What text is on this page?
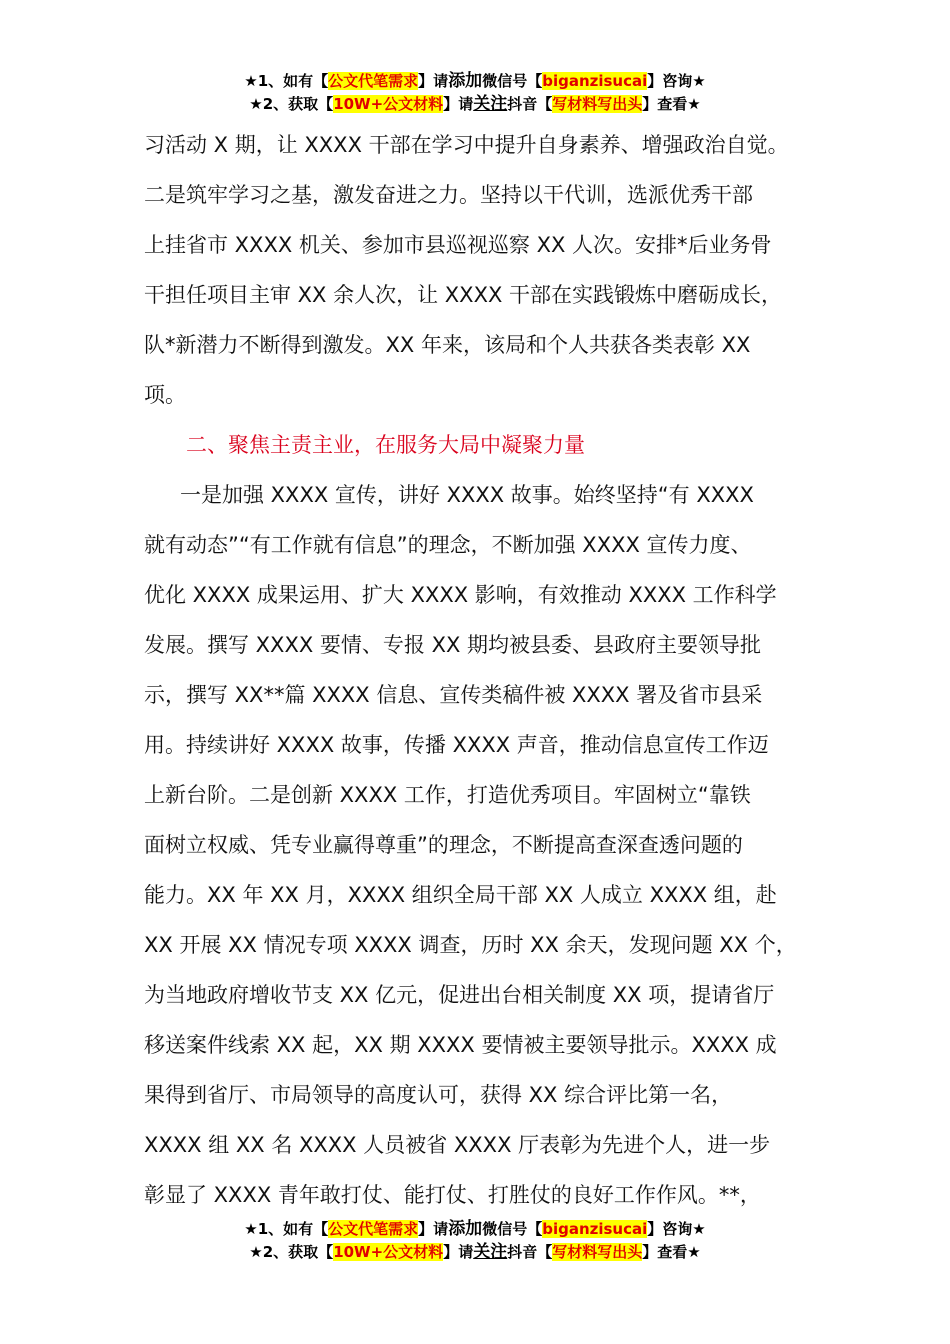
★1、如有【公文代笔需求】请添加微信号【biganzisucai】咨询★
★2、获取【10W+公文材料】请关注抖音【写材料写出头】查看★
习活动 X 期，让 XXXX 干部在学习中提升自身素养、增强政治自觉。
二是筑牢学习之基，激发奋进之力。坚持以干代训，选派优秀干部
上挂省市 XXXX 机关、参加市县巡视巡察 XX 人次。安排*后业务骨
干担任项目主审 XX 余人次，让 XXXX 干部在实践锻炼中磨砺成长，
队*新潜力不断得到激发。XX 年来，该局和个人共获各类表彰 XX
项。
二、聚焦主责主业，在服务大局中凝聚力量
一是加强 XXXX 宣传，讲好 XXXX 故事。始终坚持“有 XXXX
就有动态”“有工作就有信息”的理念，不断加强 XXXX 宣传力度、
优化 XXXX 成果运用、扩大 XXXX 影响，有效推动 XXXX 工作科学
发展。撰写 XXXX 要情、专报 XX 期均被县委、县政府主要领导批
示，撰写 XX**篇 XXXX 信息、宣传类稿件被 XXXX 署及省市县采
用。持续讲好 XXXX 故事，传播 XXXX 声音，推动信息宣传工作迈
上新台阶。二是创新 XXXX 工作，打造优秀项目。牢固树立“靠铁
面树立权威、凭专业赢得尊重”的理念，不断提高查深查透问题的
能力。XX 年 XX 月，XXXX 组织全局干部 XX 人成立 XXXX 组，赴
XX 开展 XX 情况专项 XXXX 调查，历时 XX 余天，发现问题 XX 个，
为当地政府增收节支 XX 亿元，促进出台相关制度 XX 项，提请省厅
移送案件线索 XX 起，XX 期 XXXX 要情被主要领导批示。XXXX 成
果得到省厅、市局领导的高度认可，获得 XX 综合评比第一名，
XXXX 组 XX 名 XXXX 人员被省 XXXX 厅表彰为先进个人，进一步
彰显了 XXXX 青年敢打仗、能打仗、打胜仗的良好工作作风。**，
★1、如有【公文代笔需求】请添加微信号【biganzisucai】咨询★
★2、获取【10W+公文材料】请关注抖音【写材料写出头】查看★
